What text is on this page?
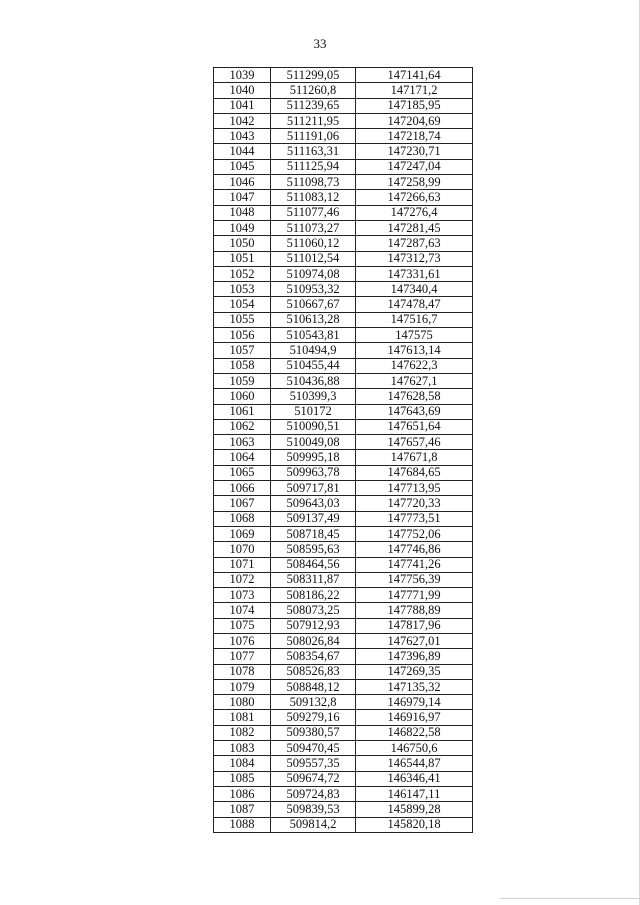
33
1039	511299,05	147141,64
1040	511260,8	147171,2
1041	511239,65	147185,95
1042	511211,95	147204,69
1043	511191,06	147218,74
1044	511163,31	147230,71
1045	511125,94	147247,04
1046	511098,73	147258,99
1047	511083,12	147266,63
1048	511077,46	147276,4
1049	511073,27	147281,45
1050	511060,12	147287,63
1051	511012,54	147312,73
1052	510974,08	147331,61
1053	510953,32	147340,4
1054	510667,67	147478,47
1055	510613,28	147516,7
1056	510543,81	147575
1057	510494,9	147613,14
1058	510455,44	147622,3
1059	510436,88	147627,1
1060	510399,3	147628,58
1061	510172	147643,69
1062	510090,51	147651,64
1063	510049,08	147657,46
1064	509995,18	147671,8
1065	509963,78	147684,65
1066	509717,81	147713,95
1067	509643,03	147720,33
1068	509137,49	147773,51
1069	508718,45	147752,06
1070	508595,63	147746,86
1071	508464,56	147741,26
1072	508311,87	147756,39
1073	508186,22	147771,99
1074	508073,25	147788,89
1075	507912,93	147817,96
1076	508026,84	147627,01
1077	508354,67	147396,89
1078	508526,83	147269,35
1079	508848,12	147135,32
1080	509132,8	146979,14
1081	509279,16	146916,97
1082	509380,57	146822,58
1083	509470,45	146750,6
1084	509557,35	146544,87
1085	509674,72	146346,41
1086	509724,83	146147,11
1087	509839,53	145899,28
1088	509814,2	145820,18
